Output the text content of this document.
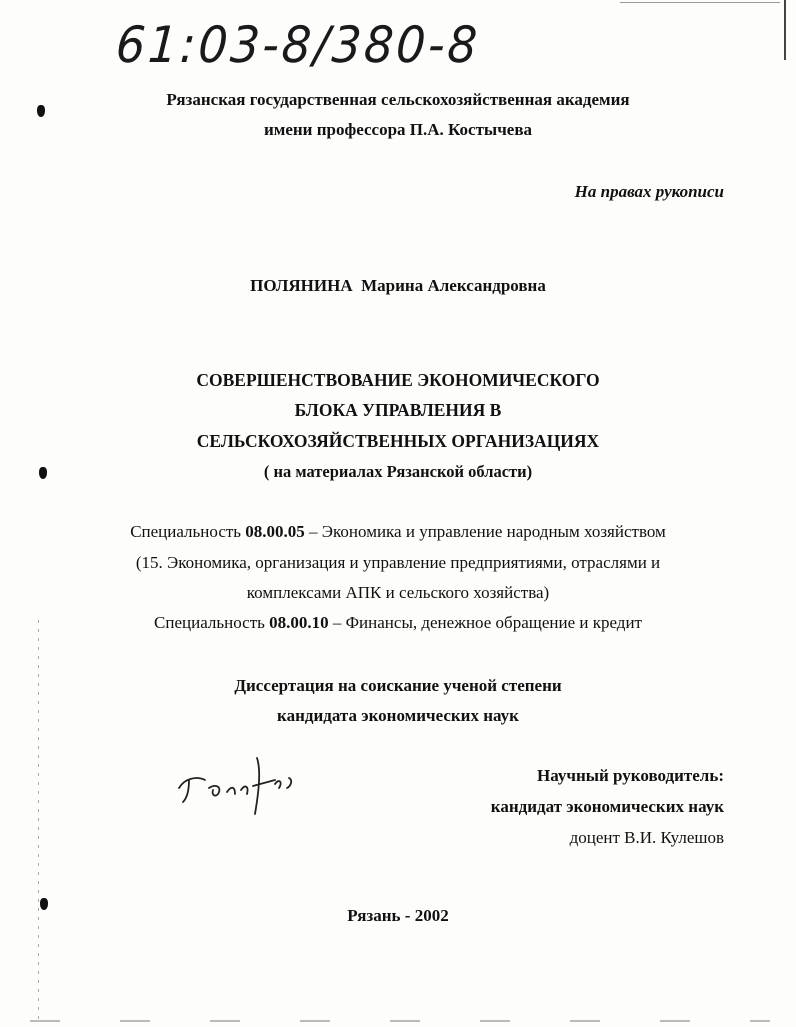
61:03-8/380-8
Рязанская государственная сельскохозяйственная академия
имени профессора П.А. Костычева
На правах рукописи
ПОЛЯНИНА Марина Александровна
СОВЕРШЕНСТВОВАНИЕ ЭКОНОМИЧЕСКОГО
БЛОКА УПРАВЛЕНИЯ В
СЕЛЬСКОХОЗЯЙСТВЕННЫХ ОРГАНИЗАЦИЯХ
( на материалах Рязанской области)
Специальность 08.00.05 – Экономика и управление народным хозяйством
(15. Экономика, организация и управление предприятиями, отраслями и
комплексами АПК и сельского хозяйства)
Специальность 08.00.10 – Финансы, денежное обращение и кредит
Диссертация на соискание ученой степени
кандидата экономических наук
Научный руководитель:
кандидат экономических наук
доцент В.И. Кулешов
Рязань - 2002
